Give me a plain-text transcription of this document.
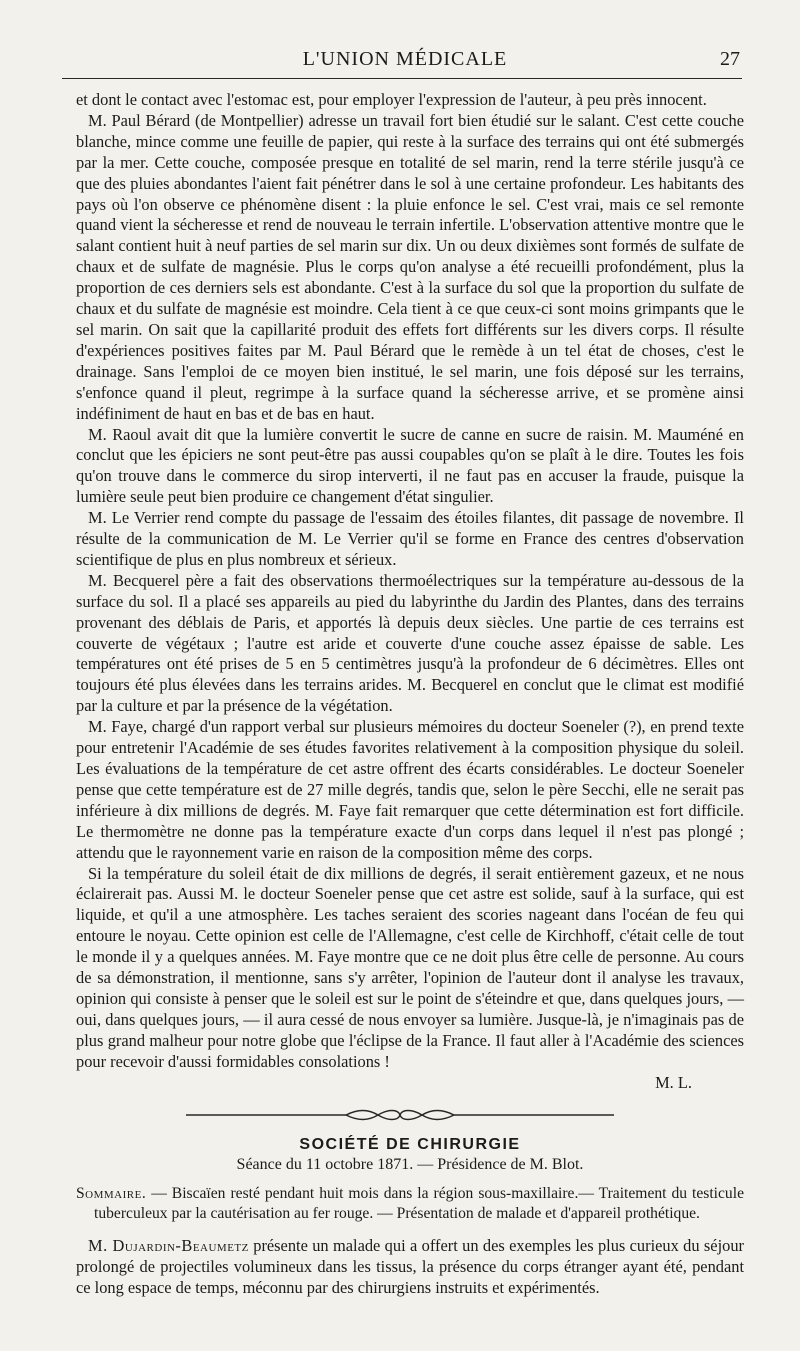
L'UNION MÉDICALE	27

et dont le contact avec l'estomac est, pour employer l'expression de l'auteur, à peu près innocent.

M. Paul Bérard (de Montpellier) adresse un travail fort bien étudié sur le salant. C'est cette couche blanche, mince comme une feuille de papier, qui reste à la surface des terrains qui ont été submergés par la mer. Cette couche, composée presque en totalité de sel marin, rend la terre stérile jusqu'à ce que des pluies abondantes l'aient fait pénétrer dans le sol à une certaine profondeur. Les habitants des pays où l'on observe ce phénomène disent : la pluie enfonce le sel. C'est vrai, mais ce sel remonte quand vient la sécheresse et rend de nouveau le terrain infertile. L'observation attentive montre que le salant contient huit à neuf parties de sel marin sur dix. Un ou deux dixièmes sont formés de sulfate de chaux et de sulfate de magnésie. Plus le corps qu'on analyse a été recueilli profondément, plus la proportion de ces derniers sels est abondante. C'est à la surface du sol que la proportion du sulfate de chaux et du sulfate de magnésie est moindre. Cela tient à ce que ceux-ci sont moins grimpants que le sel marin. On sait que la capillarité produit des effets fort différents sur les divers corps. Il résulte d'expériences positives faites par M. Paul Bérard que le remède à un tel état de choses, c'est le drainage. Sans l'emploi de ce moyen bien institué, le sel marin, une fois déposé sur les terrains, s'enfonce quand il pleut, regrimpe à la surface quand la sécheresse arrive, et se promène ainsi indéfiniment de haut en bas et de bas en haut.

M. Raoul avait dit que la lumière convertit le sucre de canne en sucre de raisin. M. Mauméné en conclut que les épiciers ne sont peut-être pas aussi coupables qu'on se plaît à le dire. Toutes les fois qu'on trouve dans le commerce du sirop interverti, il ne faut pas en accuser la fraude, puisque la lumière seule peut bien produire ce changement d'état singulier.

M. Le Verrier rend compte du passage de l'essaim des étoiles filantes, dit passage de novembre. Il résulte de la communication de M. Le Verrier qu'il se forme en France des centres d'observation scientifique de plus en plus nombreux et sérieux.

M. Becquerel père a fait des observations thermoélectriques sur la température au-dessous de la surface du sol. Il a placé ses appareils au pied du labyrinthe du Jardin des Plantes, dans des terrains provenant des déblais de Paris, et apportés là depuis deux siècles. Une partie de ces terrains est couverte de végétaux ; l'autre est aride et couverte d'une couche assez épaisse de sable. Les températures ont été prises de 5 en 5 centimètres jusqu'à la profondeur de 6 décimètres. Elles ont toujours été plus élevées dans les terrains arides. M. Becquerel en conclut que le climat est modifié par la culture et par la présence de la végétation.

M. Faye, chargé d'un rapport verbal sur plusieurs mémoires du docteur Soeneler (?), en prend texte pour entretenir l'Académie de ses études favorites relativement à la composition physique du soleil. Les évaluations de la température de cet astre offrent des écarts considérables. Le docteur Soeneler pense que cette température est de 27 mille degrés, tandis que, selon le père Secchi, elle ne serait pas inférieure à dix millions de degrés. M. Faye fait remarquer que cette détermination est fort difficile. Le thermomètre ne donne pas la température exacte d'un corps dans lequel il n'est pas plongé ; attendu que le rayonnement varie en raison de la composition même des corps.

Si la température du soleil était de dix millions de degrés, il serait entièrement gazeux, et ne nous éclairerait pas. Aussi M. le docteur Soeneler pense que cet astre est solide, sauf à la surface, qui est liquide, et qu'il a une atmosphère. Les taches seraient des scories nageant dans l'océan de feu qui entoure le noyau. Cette opinion est celle de l'Allemagne, c'est celle de Kirchhoff, c'était celle de tout le monde il y a quelques années. M. Faye montre que ce ne doit plus être celle de personne. Au cours de sa démonstration, il mentionne, sans s'y arrêter, l'opinion de l'auteur dont il analyse les travaux, opinion qui consiste à penser que le soleil est sur le point de s'éteindre et que, dans quelques jours, — oui, dans quelques jours, — il aura cessé de nous envoyer sa lumière. Jusque-là, je n'imaginais pas de plus grand malheur pour notre globe que l'éclipse de la France. Il faut aller à l'Académie des sciences pour recevoir d'aussi formidables consolations !

M. L.

SOCIÉTÉ DE CHIRURGIE
Séance du 11 octobre 1871. — Présidence de M. Blot.
Sommaire. — Biscaïen resté pendant huit mois dans la région sous-maxillaire.— Traitement du testicule tuberculeux par la cautérisation au fer rouge. — Présentation de malade et d'appareil prothétique.

M. Dujardin-Beaumetz présente un malade qui a offert un des exemples les plus curieux du séjour prolongé de projectiles volumineux dans les tissus, la présence du corps étranger ayant été, pendant ce long espace de temps, méconnu par des chirurgiens instruits et expérimentés.
